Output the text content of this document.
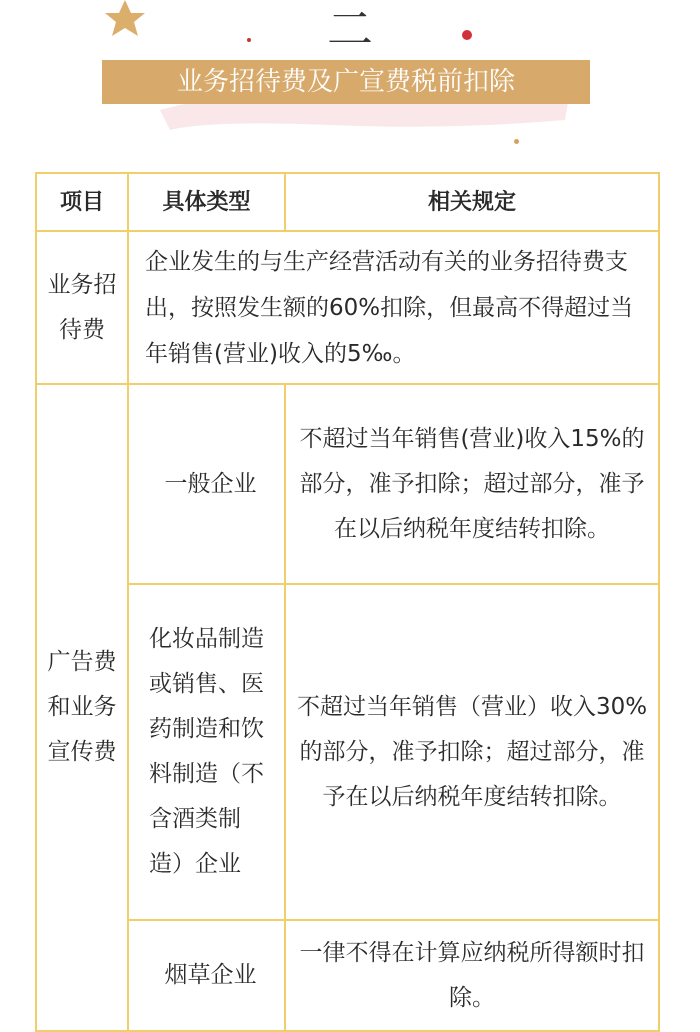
二
业务招待费及广宣费税前扣除
项目	具体类型	相关规定
业务招待费	企业发生的与生产经营活动有关的业务招待费支出，按照发生额的60%扣除，但最高不得超过当年销售(营业)收入的5‰。	
广告费和业务宣传费	一般企业	不超过当年销售(营业)收入15%的部分，准予扣除；超过部分，准予在以后纳税年度结转扣除。
	化妆品制造或销售、医药制造和饮料制造（不含酒类制造）企业	不超过当年销售（营业）收入30%的部分，准予扣除；超过部分，准予在以后纳税年度结转扣除。
	烟草企业	一律不得在计算应纳税所得额时扣除。
